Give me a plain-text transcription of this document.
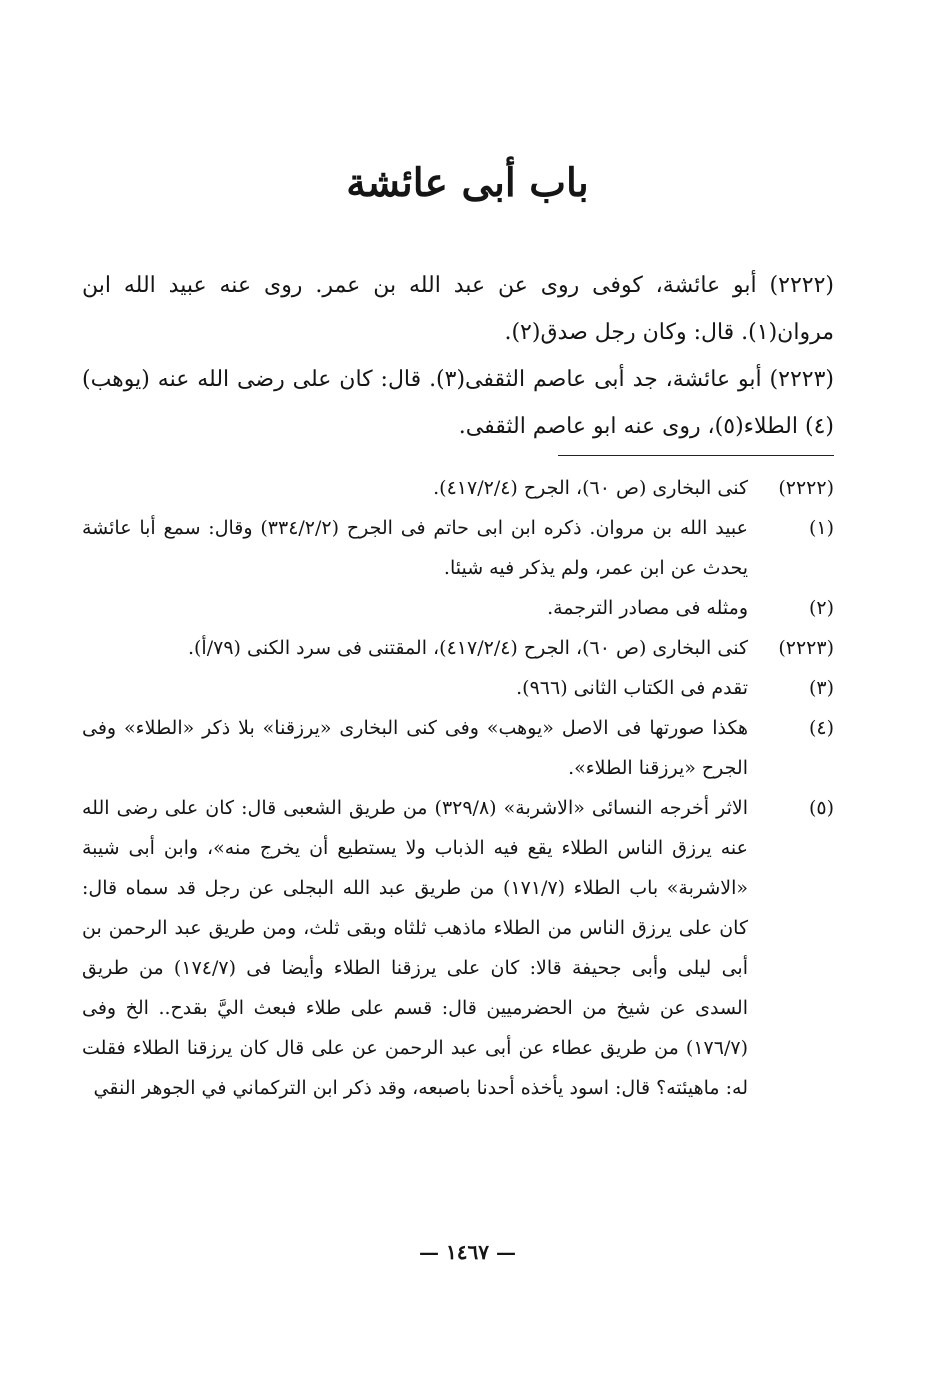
باب أبى عائشة

(٢٢٢٢) أبو عائشة، كوفى روى عن عبد الله بن عمر. روى عنه عبيد الله ابن مروان(١). قال: وكان رجل صدق(٢).

(٢٢٢٣) أبو عائشة، جد أبى عاصم الثقفى(٣). قال: كان على رضى الله عنه (يوهب)(٤) الطلاء(٥)، روى عنه ابو عاصم الثقفى.

(٢٢٢٢)
كنى البخارى (ص ٦٠)، الجرح (٤١٧/٢/٤).
(١)
عبيد الله بن مروان. ذكره ابن ابى حاتم فى الجرح (٣٣٤/٢/٢) وقال: سمع أبا عائشة يحدث عن ابن عمر، ولم يذكر فيه شيئا.
(٢)
ومثله فى مصادر الترجمة.
(٢٢٢٣)
كنى البخارى (ص ٦٠)، الجرح (٤١٧/٢/٤)، المقتنى فى سرد الكنى (٧٩/أ).
(٣)
تقدم فى الكتاب الثانى (٩٦٦).
(٤)
هكذا صورتها فى الاصل «يوهب» وفى كنى البخارى «يرزقنا» بلا ذكر «الطلاء» وفى الجرح «يرزقنا الطلاء».
(٥)
الاثر أخرجه النسائى «الاشربة» (٣٢٩/٨) من طريق الشعبى قال: كان على رضى الله عنه يرزق الناس الطلاء يقع فيه الذباب ولا يستطيع أن يخرج منه»، وابن أبى شيبة «الاشربة» باب الطلاء (١٧١/٧) من طريق عبد الله البجلى عن رجل قد سماه قال: كان على يرزق الناس من الطلاء ماذهب ثلثاه وبقى ثلث، ومن طريق عبد الرحمن بن أبى ليلى وأبى جحيفة قالا: كان على يرزقنا الطلاء وأيضا فى (١٧٤/٧) من طريق السدى عن شيخ من الحضرميين قال: قسم على طلاء فبعث اليَّ بقدح.. الخ وفى (١٧٦/٧) من طريق عطاء عن أبى عبد الرحمن عن على قال كان يرزقنا الطلاء فقلت له: ماهيئته؟ قال: اسود يأخذه أحدنا باصبعه، وقد ذكر ابن التركماني في الجوهر النقي
— ١٤٦٧ —
